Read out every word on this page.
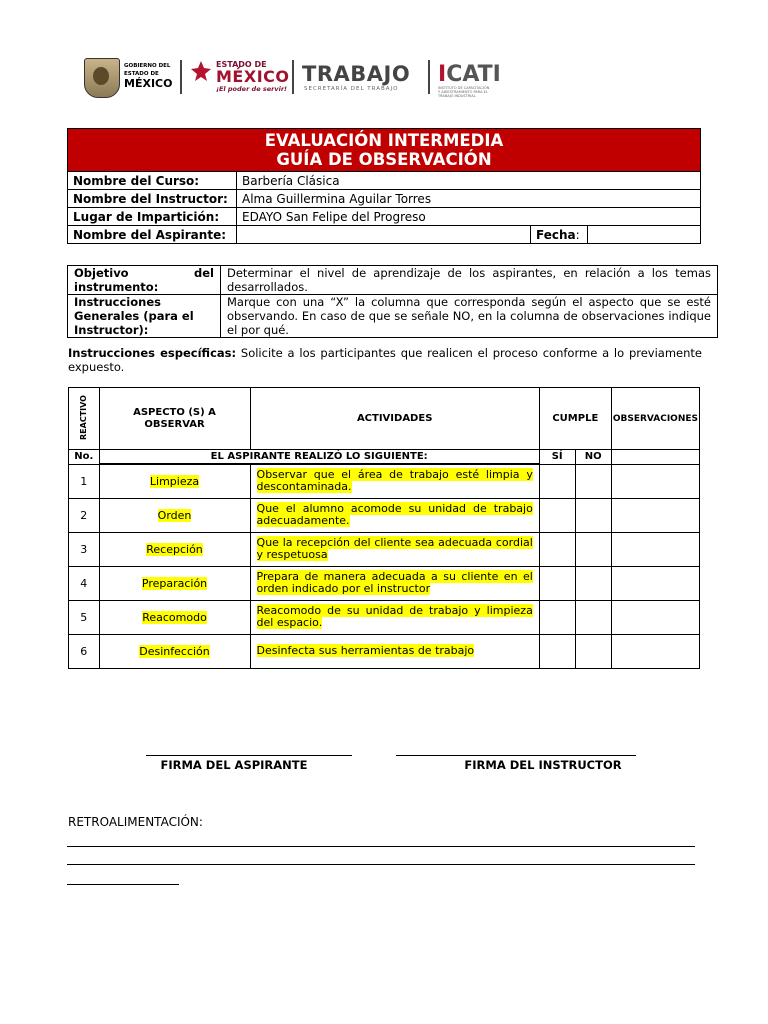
GOBIERNO DEL
ESTADO DE
MÉXICO
ESTADO DE
MÉXICO
¡El poder de servir!
TRABAJO
SECRETARÍA DEL TRABAJO
ICATI
INSTITUTO DE CAPACITACIÓN Y ADIESTRAMIENTO PARA EL TRABAJO INDUSTRIAL
EVALUACIÓN INTERMEDIA
GUÍA DE OBSERVACIÓN			

Nombre del Curso:	Barbería Clásica		
Nombre del Instructor:	Alma Guillermina Aguilar Torres		
Lugar de Impartición:	EDAYO San Felipe del Progreso		
Nombre del Aspirante:		Fecha:	
Objetivo del
instrumento:	Determinar el nivel de aprendizaje de los aspirantes, en relación a los temas desarrollados.
Instrucciones Generales (para el Instructor):	Marque con una “X” la columna que corresponda según el aspecto que se esté observando. En caso de que se señale NO, en la columna de observaciones indique el por qué.
Instrucciones específicas: Solicite a los participantes que realicen el proceso conforme a lo previamente expuesto.
REACTIVO	ASPECTO (S) A OBSERVAR	ACTIVIDADES	CUMPLE		OBSERVACIONES
No.	EL ASPIRANTE REALIZÓ LO SIGUIENTE:		SÍ	NO	
1	Limpieza	Observar que el área de trabajo esté limpia y descontaminada.			
2	Orden	Que el alumno acomode su unidad de trabajo adecuadamente.			
3	Recepción	Que la recepción del cliente sea adecuada cordial y respetuosa			
4	Preparación	Prepara de manera adecuada a su cliente en el orden indicado por el instructor			
5	Reacomodo	Reacomodo de su unidad de trabajo y limpieza del espacio.			
6	Desinfección	Desinfecta sus herramientas de trabajo			
FIRMA DEL ASPIRANTE	FIRMA DEL INSTRUCTOR
RETROALIMENTACIÓN:
